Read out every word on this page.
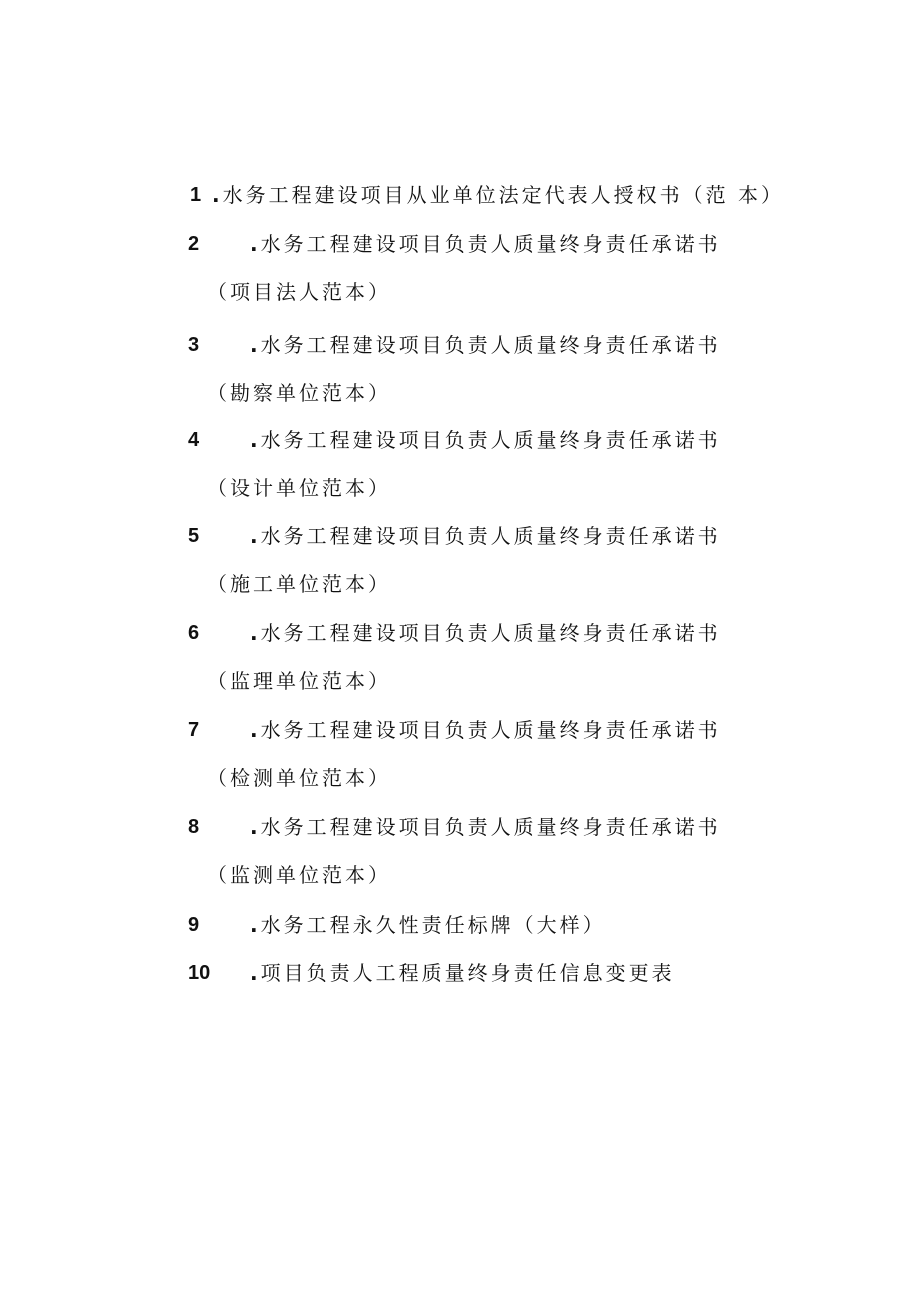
1 .水务工程建设项目从业单位法定代表人授权书（范 本）
2	.水务工程建设项目负责人质量终身责任承诺书
（项目法人范本）
3	.水务工程建设项目负责人质量终身责任承诺书
（勘察单位范本）
4	.水务工程建设项目负责人质量终身责任承诺书
（设计单位范本）
5	.水务工程建设项目负责人质量终身责任承诺书
（施工单位范本）
6	.水务工程建设项目负责人质量终身责任承诺书
（监理单位范本）
7	.水务工程建设项目负责人质量终身责任承诺书
（检测单位范本）
8	.水务工程建设项目负责人质量终身责任承诺书
（监测单位范本）
9	.水务工程永久性责任标牌（大样）
10 .项目负责人工程质量终身责任信息变更表
